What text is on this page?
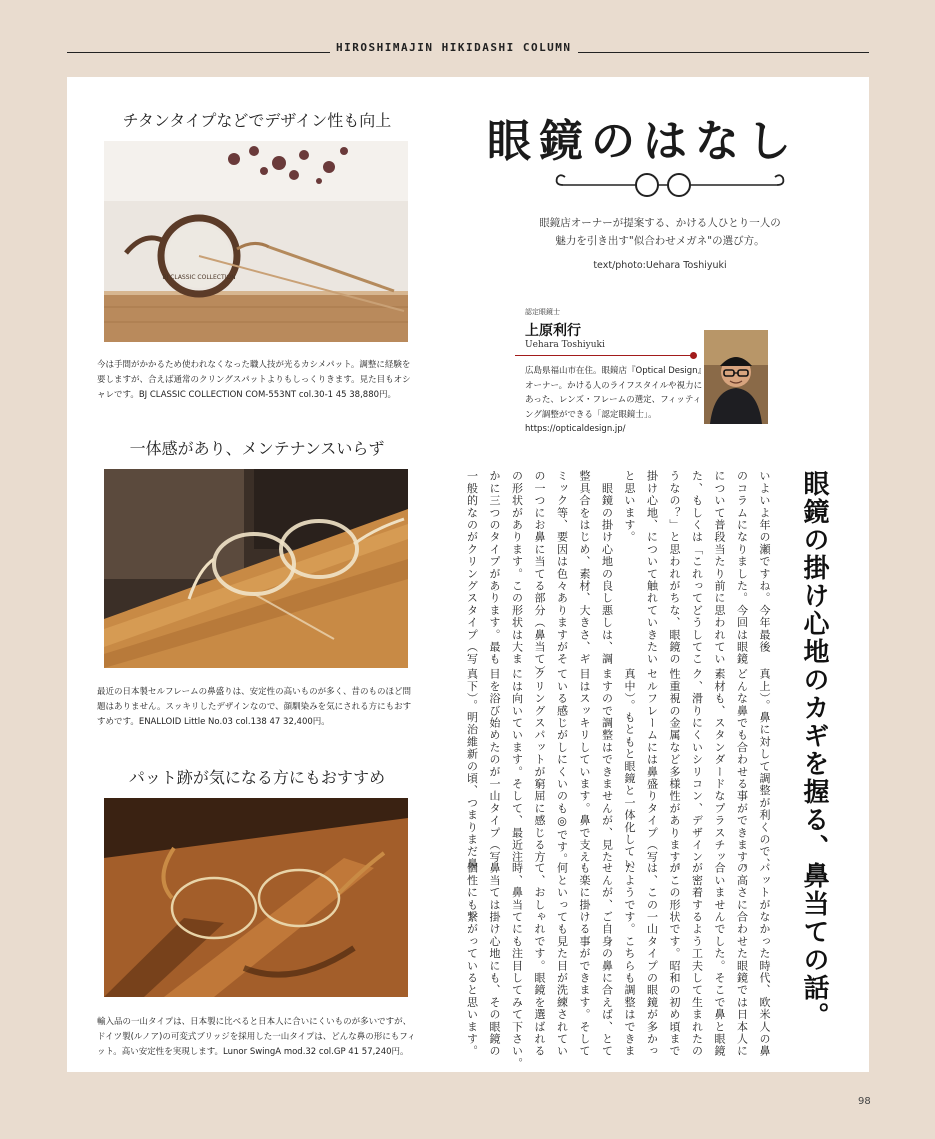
HIROSHIMAJIN HIKIDASHI COLUMN
チタンタイプなどでデザイン性も向上
BJ CLASSIC COLLECTION
今は手間がかかるため使われなくなった職人技が光るカシメパット。調整に経験を要しますが、合えば通常のクリングスパットよりもしっくりきます。見た目もオシャレです。BJ CLASSIC COLLECTION COM-553NT col.30-1 45 38,880円。
一体感があり、メンテナンスいらず
最近の日本製セルフレームの鼻盛りは、安定性の高いものが多く、昔のものほど問題はありません。スッキリしたデザインなので、顔馴染みを気にされる方にもおすすめです。ENALLOID Little No.03 col.138 47 32,400円。
パット跡が気になる方にもおすすめ
輸入品の一山タイプは、日本製に比べると日本人に合いにくいものが多いですが、ドイツ製(ルノア)の可変式ブリッジを採用した一山タイプは、どんな鼻の形にもフィット。高い安定性を実現します。Lunor SwingA mod.32 col.GP 41 57,240円。
眼鏡のはなし
眼鏡店オーナーが提案する、かける人ひとり一人の
魅力を引き出す"似合わせメガネ"の選び方。
text/photo:Uehara Toshiyuki
認定眼鏡士
上原利行
Uehara Toshiyuki
広島県福山市在住。眼鏡店『Optical Design』オーナー。かける人のライフスタイルや視力にあった、レンズ・フレームの選定、フィッティング調整ができる「認定眼鏡士」。https://opticaldesign.jp/
眼鏡の掛け心地のカギを握る、鼻当ての話。
真上）。鼻に対して調整が利くので、
どんな鼻でも合わせる事ができます。
素材も、スタンダードなプラスチッ
ク、滑りにくいシリコン、デザイン
性重視の金属など多様性があります。
セルフレームには鼻盛りタイプ（写
真中）。もともと眼鏡と一体化してい
ますので調整はできませんが、見た
目はスッキリしています。鼻で支え
ている感じがしにくいのも◎です。
クリングスパットが窮屈に感じる方
には向いています。そして、最近注
目を浴び始めたのが一山タイプ（写
真下）。明治維新の頃、つまりまだ鼻
パットがなかった時代、欧米人の鼻
の高さに合わせた眼鏡では日本人に
合いませんでした。そこで鼻と眼鏡
が密着するよう工夫して生まれたの
がこの形状です。昭和の初め頃まで
は、この一山タイプの眼鏡が多かっ
たようです。こちらも調整はできま
せんが、ご自身の鼻に合えば、とて
も楽に掛ける事ができます。そして
何といっても見た目が洗練されてい
て、おしゃれです。眼鏡を選ばれる
時、鼻当てにも注目してみて下さい。
鼻当ては掛け心地にも、その眼鏡の
個性にも繋がっていると思います。
いよいよ年の瀬ですね。今年最後
のコラムになりました。今回は眼鏡
について普段当たり前に思われてい
た、もしくは「これってどうしてこ
うなの？」と思われがちな、眼鏡の
掛け心地、について触れていきたい
と思います。
　眼鏡の掛け心地の良し悪しは、調
整具合をはじめ、素材、大きさ、ギ
ミック等、要因は色々ありますがそ
の一つにお鼻に当てる部分（鼻当て）
の形状があります。この形状は大ま
かに三つのタイプがあります。最も
一般的なのがクリングスタイプ（写
98
